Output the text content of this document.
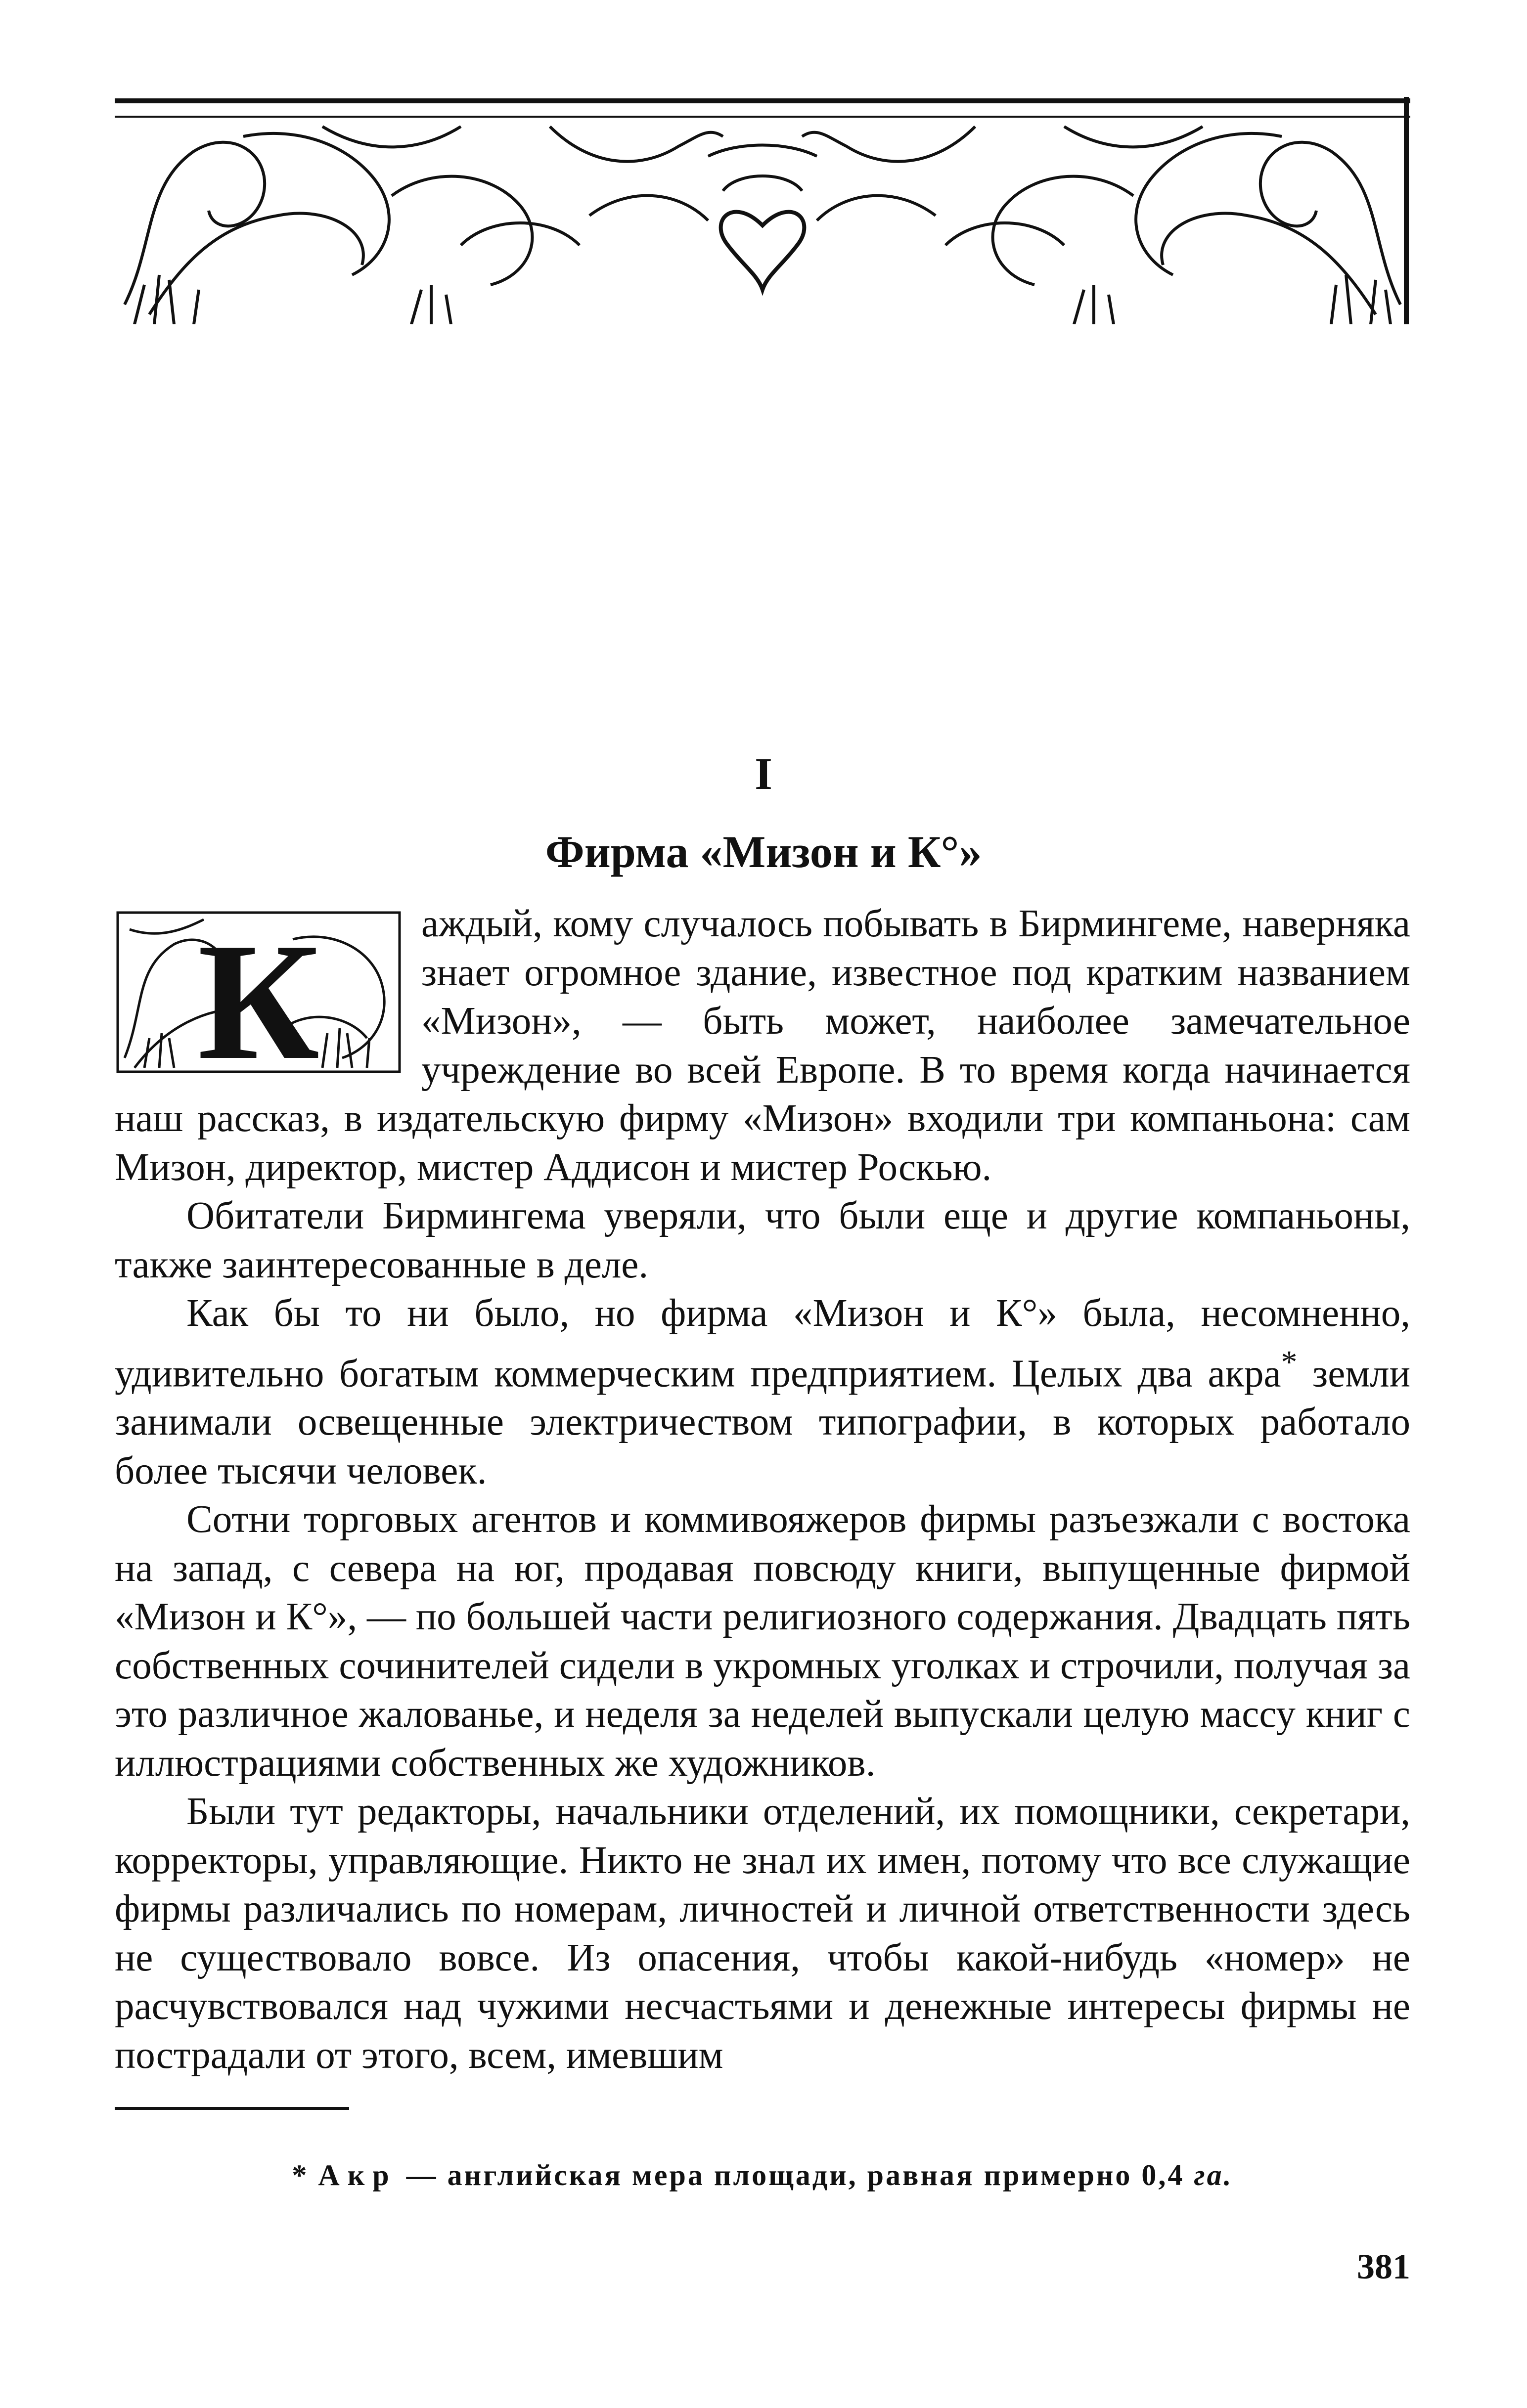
I
Фирма «Мизон и К°»
К	аждый, кому случалось побывать в Бирмингеме, наверняка знает огромное здание, известное под кратким названием «Мизон», — быть может, наиболее замечательное учреждение во всей Европе. В то время когда начинается наш рассказ, в издательскую фирму «Мизон» входили три компаньона: сам Мизон, директор, мистер Аддисон и мистер Роскью.

Обитатели Бирмингема уверяли, что были еще и другие компаньоны, также заинтересованные в деле.

Как бы то ни было, но фирма «Мизон и К°» была, несомненно, удивительно богатым коммерческим предприятием. Целых два акра* земли занимали освещенные электричеством типографии, в которых работало более тысячи человек.

Сотни торговых агентов и коммивояжеров фирмы разъезжали с востока на запад, с севера на юг, продавая повсюду книги, выпущенные фирмой «Мизон и К°», — по большей части религиозного содержания. Двадцать пять собственных сочинителей сидели в укромных уголках и строчили, получая за это различное жалованье, и неделя за неделей выпускали целую массу книг с иллюстрациями собственных же художников.

Были тут редакторы, начальники отделений, их помощники, секретари, корректоры, управляющие. Никто не знал их имен, потому что все служащие фирмы различались по номерам, личностей и личной ответственности здесь не существовало вовсе. Из опасения, чтобы какой-нибудь «номер» не расчувствовался над чужими несчастьями и денежные интересы фирмы не пострадали от этого, всем, имевшим

* Акр — английская мера площади, равная примерно 0,4 га.
381
